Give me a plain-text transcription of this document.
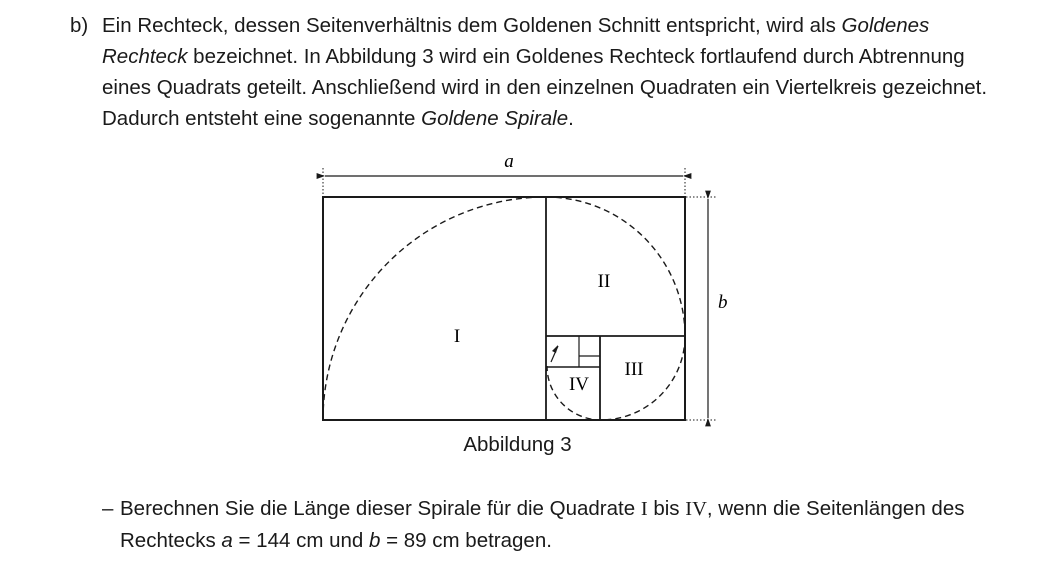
b) Ein Rechteck, dessen Seitenverhältnis dem Goldenen Schnitt entspricht, wird als Goldenes Rechteck bezeichnet. In Abbildung 3 wird ein Goldenes Rechteck fortlaufend durch Abtrennung eines Quadrats geteilt. Anschließend wird in den einzelnen Quadraten ein Viertelkreis gezeichnet. Dadurch entsteht eine sogenannte Goldene Spirale.
a
b
I
II
III
IV
Abbildung 3
– Berechnen Sie die Länge dieser Spirale für die Quadrate I bis IV, wenn die Seitenlängen des Rechtecks a = 144 cm und b = 89 cm betragen.
